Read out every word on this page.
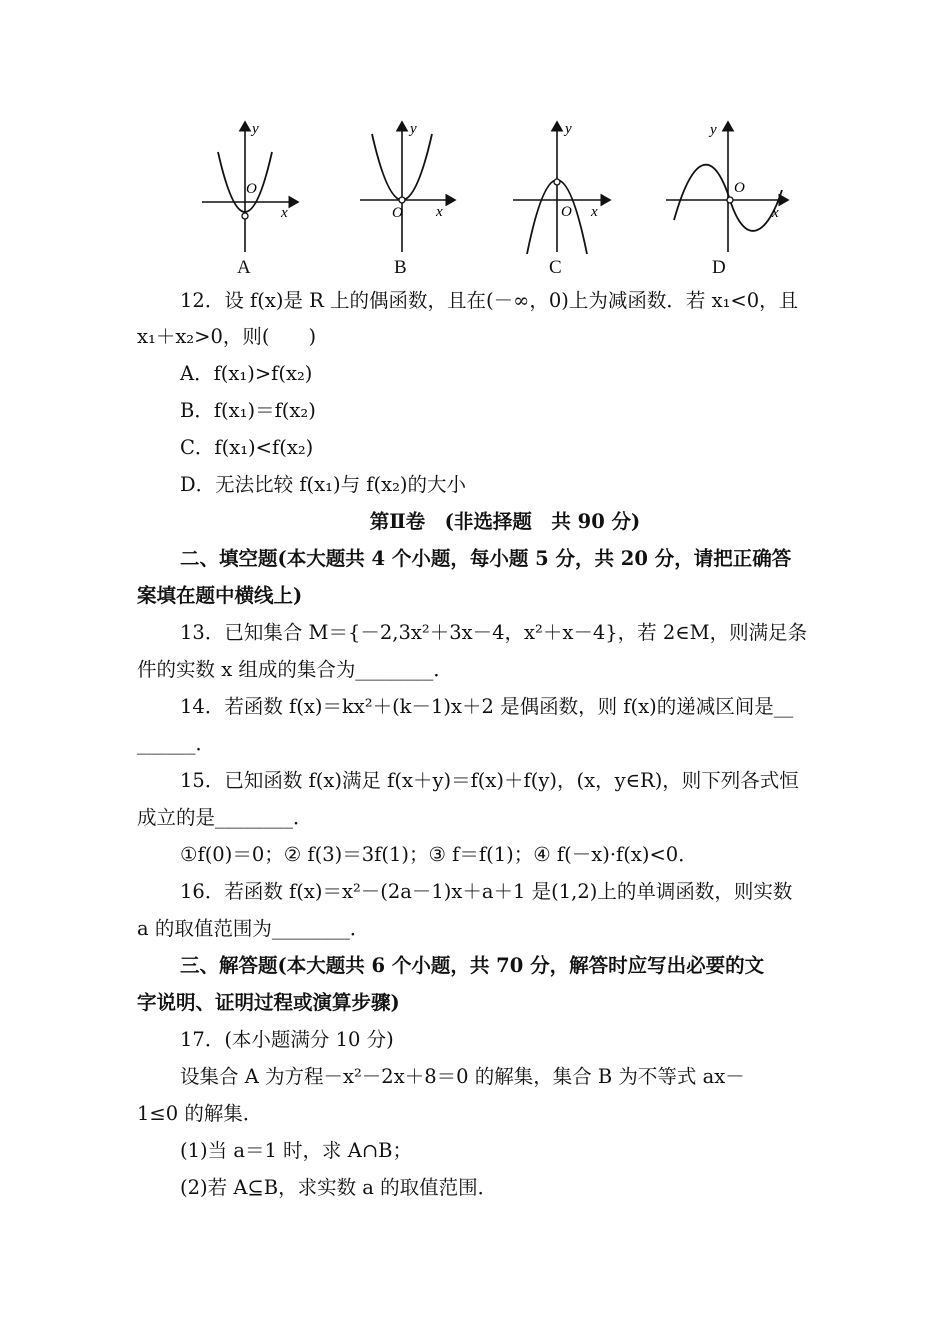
y
x
O
A
y
x
O
B
y
x
O
C
y
x
O
D
12．设 f(x)是 R 上的偶函数，且在(－∞，0)上为减函数．若 x₁<0，且
x₁＋x₂>0，则(　　)
A．f(x₁)>f(x₂)
B．f(x₁)＝f(x₂)
C．f(x₁)<f(x₂)
D．无法比较 f(x₁)与 f(x₂)的大小
第Ⅱ卷　(非选择题　共 90 分)
二、填空题(本大题共 4 个小题，每小题 5 分，共 20 分，请把正确答
案填在题中横线上)
13．已知集合 M＝{－2,3x²＋3x－4，x²＋x－4}，若 2∈M，则满足条
件的实数 x 组成的集合为________．
14．若函数 f(x)＝kx²＋(k－1)x＋2 是偶函数，则 f(x)的递减区间是__
______．
15．已知函数 f(x)满足 f(x＋y)＝f(x)＋f(y)，(x，y∈R)，则下列各式恒
成立的是________．
①f(0)＝0；② f(3)＝3f(1)；③ f＝f(1)；④ f(－x)·f(x)<0．
16．若函数 f(x)＝x²－(2a－1)x＋a＋1 是(1,2)上的单调函数，则实数
a 的取值范围为________．
三、解答题(本大题共 6 个小题，共 70 分，解答时应写出必要的文
字说明、证明过程或演算步骤)
17．(本小题满分 10 分)
设集合 A 为方程－x²－2x＋8＝0 的解集，集合 B 为不等式 ax－
1≤0 的解集．
(1)当 a＝1 时，求 A∩B；
(2)若 A⊆B，求实数 a 的取值范围．
